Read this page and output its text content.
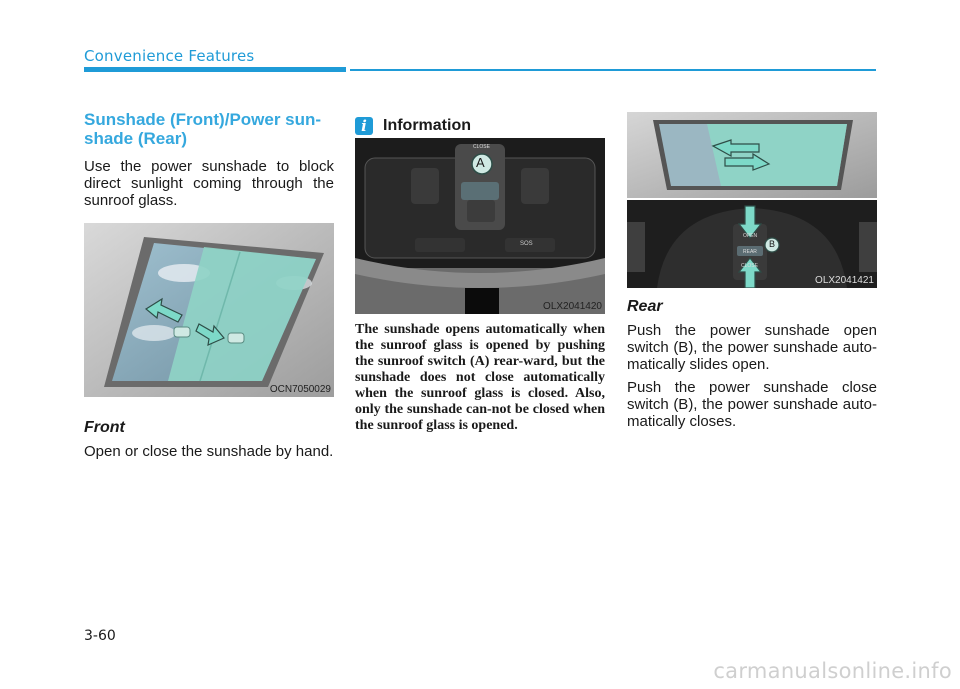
Convenience Features
Sunshade (Front)/Power sun-shade (Rear)

Use the power sunshade to block direct sunlight coming through the sunroof glass.

OCN7050029
Front

Open or close the sunshade by hand.

i	Information
CLOSE
A
SOS
OLX2041420

The sunshade opens automatically when the sunroof glass is opened by pushing the sunroof switch (A) rear-ward, but the sunshade does not close automatically when the sunroof glass is closed. Also, only the sunshade can-not be closed when the sunroof glass is opened.

OPEN
REAR
CLOSE
B
OLX2041421
Rear

Push the power sunshade open switch (B), the power sunshade auto-matically slides open.

Push the power sunshade close switch (B), the power sunshade auto-matically closes.

3-60
carmanualsonline.info
